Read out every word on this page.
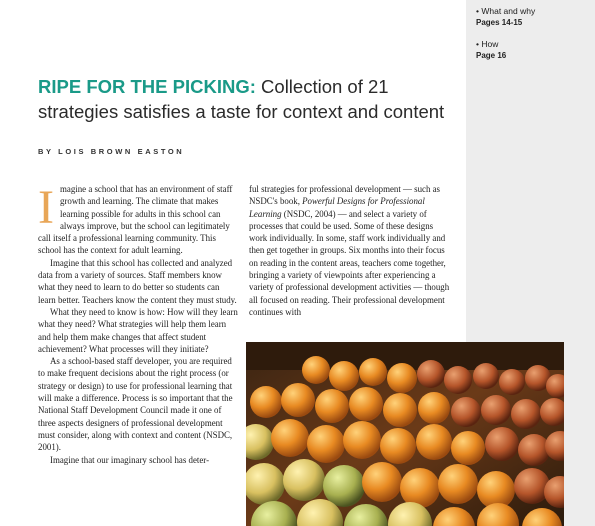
• What and why
Pages 14-15
• How
Page 16
RIPE FOR THE PICKING: Collection of 21
strategies satisfies a taste for context and content
BY LOIS BROWN EASTON

Imagine a school that has an environment of staff growth and learning. The climate that makes learning possible for adults in this school can always improve, but the school can legitimately call itself a professional learning community. This school has the context for adult learning.

Imagine that this school has collected and analyzed data from a variety of sources. Staff members know what they need to learn to do better so students can learn better. Teachers know the content they must study.

What they need to know is how: How will they learn what they need? What strategies will help them learn and help them make changes that affect student achievement? What processes will they initiate?

As a school-based staff developer, you are required to make frequent decisions about the right process (or strategy or design) to use for professional learning that will make a difference. Process is so important that the National Staff Development Council made it one of three aspects designers of professional development must consider, along with context and content (NSDC, 2001).

Imagine that our imaginary school has deter-

ful strategies for professional development — such as NSDC's book, Powerful Designs for Professional Learning (NSDC, 2004) — and select a variety of processes that could be used. Some of these designs work individually. In some, staff work individually and then get together in groups. Six months into their focus on reading in the content areas, teachers come together, bringing a variety of viewpoints after experiencing a variety of professional development activities — though all focused on reading. Their professional development continues with
